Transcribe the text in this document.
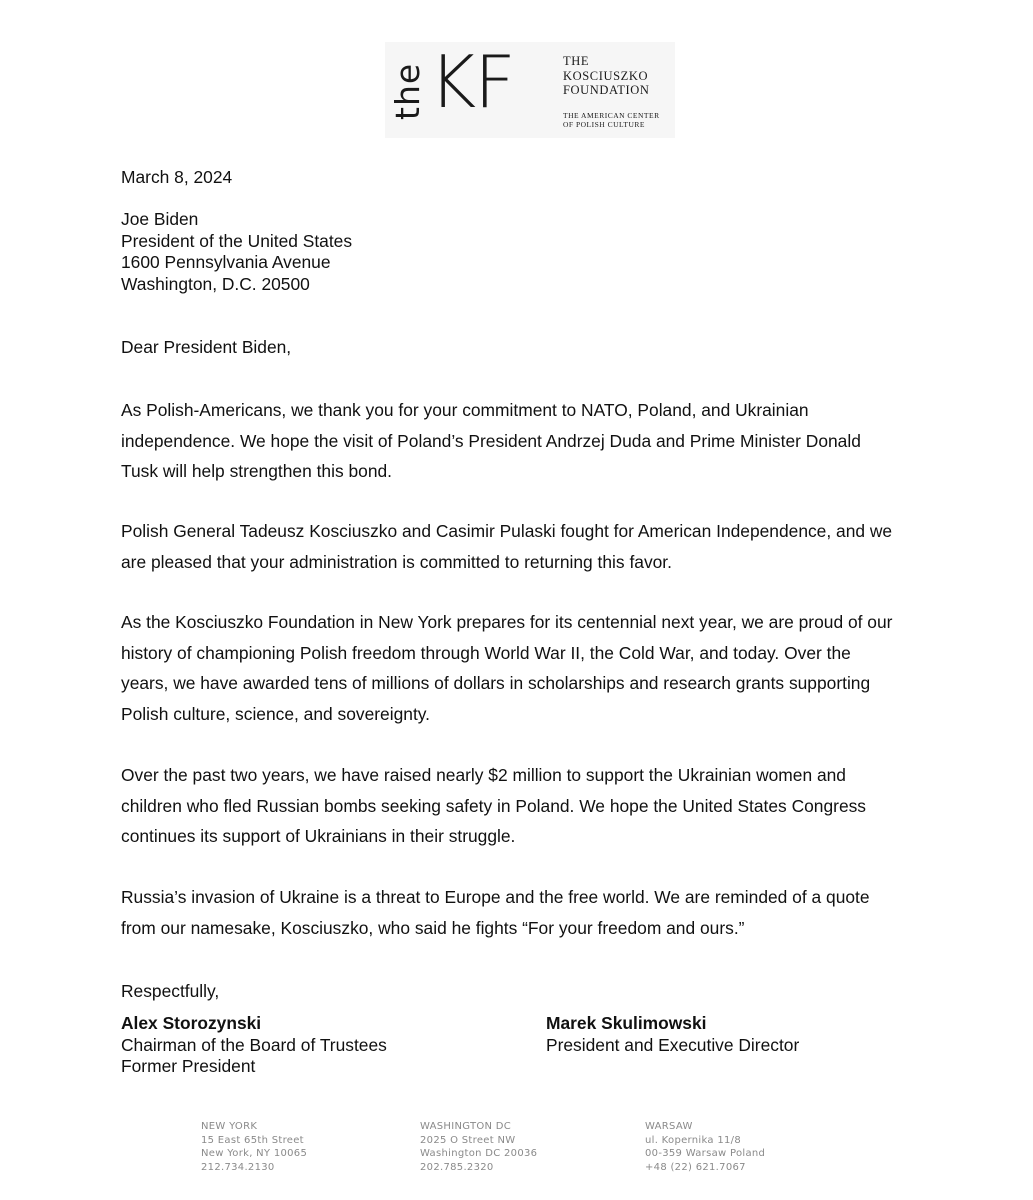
the KF	THE
KOSCIUSZKO
FOUNDATION
THE AMERICAN CENTER
OF POLISH CULTURE
March 8, 2024
Joe Biden
President of the United States
1600 Pennsylvania Avenue
Washington, D.C. 20500
Dear President Biden,
As Polish-Americans, we thank you for your commitment to NATO, Poland, and Ukrainian
independence. We hope the visit of Poland’s President Andrzej Duda and Prime Minister Donald
Tusk will help strengthen this bond.
Polish General Tadeusz Kosciuszko and Casimir Pulaski fought for American Independence, and we
are pleased that your administration is committed to returning this favor.
As the Kosciuszko Foundation in New York prepares for its centennial next year, we are proud of our
history of championing Polish freedom through World War II, the Cold War, and today. Over the
years, we have awarded tens of millions of dollars in scholarships and research grants supporting
Polish culture, science, and sovereignty.
Over the past two years, we have raised nearly $2 million to support the Ukrainian women and
children who fled Russian bombs seeking safety in Poland. We hope the United States Congress
continues its support of Ukrainians in their struggle.
Russia’s invasion of Ukraine is a threat to Europe and the free world. We are reminded of a quote
from our namesake, Kosciuszko, who said he fights “For your freedom and ours.”
Respectfully,
Alex Storozynski
Chairman of the Board of Trustees
Former President
Marek Skulimowski
President and Executive Director
NEW YORK
15 East 65th Street
New York, NY 10065
212.734.2130
WASHINGTON DC
2025 O Street NW
Washington DC 20036
202.785.2320
WARSAW
ul. Kopernika 11/8
00-359 Warsaw Poland
+48 (22) 621.7067
